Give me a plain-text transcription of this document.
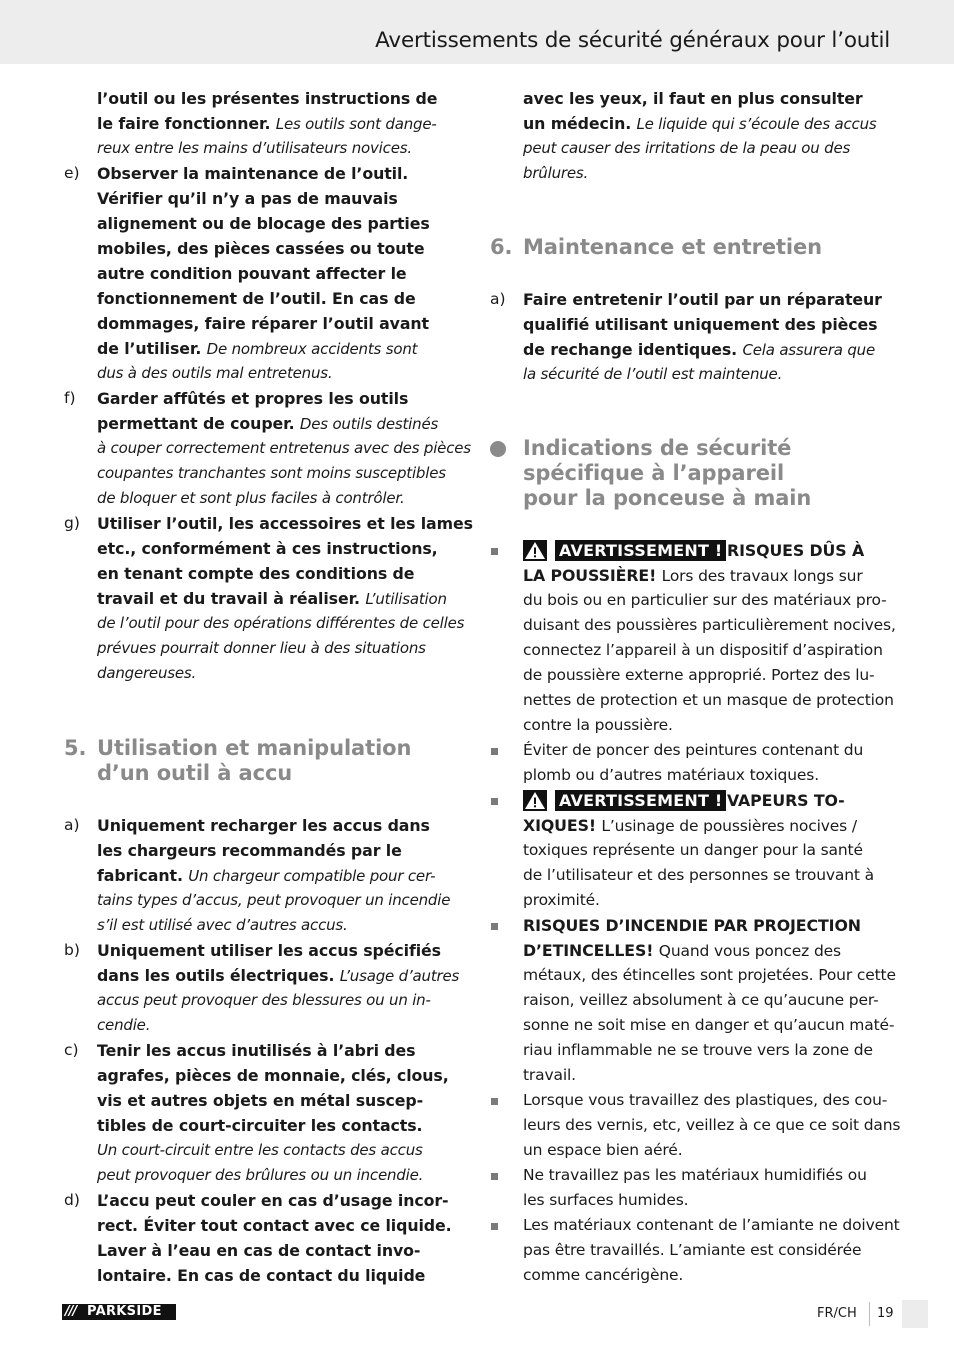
Avertissements de sécurité généraux pour l’outil
l’outil ou les présentes instructions de
le faire fonctionner. Les outils sont dange-
reux entre les mains d’utilisateurs novices.
e) Observer la maintenance de l’outil.
Vérifier qu’il n’y a pas de mauvais
alignement ou de blocage des parties
mobiles, des pièces cassées ou toute
autre condition pouvant affecter le
fonctionnement de l’outil. En cas de
dommages, faire réparer l’outil avant
de l’utiliser. De nombreux accidents sont
dus à des outils mal entretenus.
f) Garder affûtés et propres les outils
permettant de couper. Des outils destinés
à couper correctement entretenus avec des pièces
coupantes tranchantes sont moins susceptibles
de bloquer et sont plus faciles à contrôler.
g) Utiliser l’outil, les accessoires et les lames
etc., conformément à ces instructions,
en tenant compte des conditions de
travail et du travail à réaliser. L’utilisation
de l’outil pour des opérations différentes de celles
prévues pourrait donner lieu à des situations
dangereuses.
5. Utilisation et manipulation
d’un outil à accu
a) Uniquement recharger les accus dans
les chargeurs recommandés par le
fabricant. Un chargeur compatible pour cer-
tains types d’accus, peut provoquer un incendie
s’il est utilisé avec d’autres accus.
b) Uniquement utiliser les accus spécifiés
dans les outils électriques. L’usage d’autres
accus peut provoquer des blessures ou un in-
cendie.
c) Tenir les accus inutilisés à l’abri des
agrafes, pièces de monnaie, clés, clous,
vis et autres objets en métal suscep-
tibles de court-circuiter les contacts.
Un court-circuit entre les contacts des accus
peut provoquer des brûlures ou un incendie.
d) L’accu peut couler en cas d’usage incor-
rect. Éviter tout contact avec ce liquide.
Laver à l’eau en cas de contact invo-
lontaire. En cas de contact du liquide
avec les yeux, il faut en plus consulter
un médecin. Le liquide qui s’écoule des accus
peut causer des irritations de la peau ou des
brûlures.
6. Maintenance et entretien
a) Faire entretenir l’outil par un réparateur
qualifié utilisant uniquement des pièces
de rechange identiques. Cela assurera que
la sécurité de l’outil est maintenue.
Indications de sécurité
spécifique à l’appareil
pour la ponceuse à main
AVERTISSEMENT ! RISQUES DÛS À
LA POUSSIÈRE! Lors des travaux longs sur
du bois ou en particulier sur des matériaux pro-
duisant des poussières particulièrement nocives,
connectez l’appareil à un dispositif d’aspiration
de poussière externe approprié. Portez des lu-
nettes de protection et un masque de protection
contre la poussière.
Éviter de poncer des peintures contenant du
plomb ou d’autres matériaux toxiques.
AVERTISSEMENT ! VAPEURS TO-
XIQUES! L’usinage de poussières nocives /
toxiques représente un danger pour la santé
de l’utilisateur et des personnes se trouvant à
proximité.
RISQUES D’INCENDIE PAR PROJECTION
D’ETINCELLES! Quand vous poncez des
métaux, des étincelles sont projetées. Pour cette
raison, veillez absolument à ce qu’aucune per-
sonne ne soit mise en danger et qu’aucun maté-
riau inflammable ne se trouve vers la zone de
travail.
Lorsque vous travaillez des plastiques, des cou-
leurs des vernis, etc, veillez à ce que ce soit dans
un espace bien aéré.
Ne travaillez pas les matériaux humidifiés ou
les surfaces humides.
Les matériaux contenant de l’amiante ne doivent
pas être travaillés. L’amiante est considérée
comme cancérigène.
/// PARKSIDE	FR/CH 19
